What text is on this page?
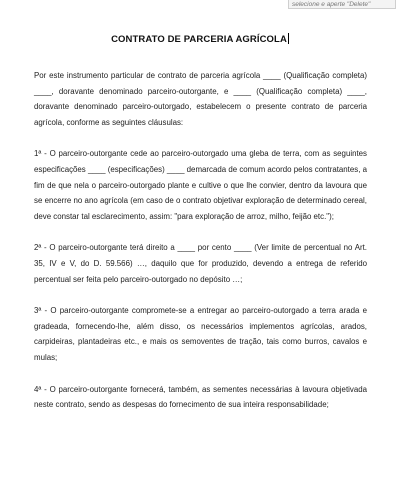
selecione e aperte "Delete"
CONTRATO DE PARCERIA AGRÍCOLA

Por este instrumento particular de contrato de parceria agrícola ____ (Qualificação completa) ____, doravante denominado parceiro-outorgante, e ____ (Qualificação completa) ____, doravante denominado parceiro-outorgado, estabelecem o presente contrato de parceria agrícola, conforme as seguintes cláusulas:

1ª - O parceiro-outorgante cede ao parceiro-outorgado uma gleba de terra, com as seguintes especificações ____ (especificações) ____ demarcada de comum acordo pelos contratantes, a fim de que nela o parceiro-outorgado plante e cultive o que lhe convier, dentro da lavoura que se encerre no ano agrícola (em caso de o contrato objetivar exploração de determinado cereal, deve constar tal esclarecimento, assim: "para exploração de arroz, milho, feijão etc.");

2ª - O parceiro-outorgante terá direito a ____ por cento ____ (Ver limite de percentual no Art. 35, IV e V, do D. 59.566) …, daquilo que for produzido, devendo a entrega de referido percentual ser feita pelo parceiro-outorgado no depósito …;

3ª - O parceiro-outorgante compromete-se a entregar ao parceiro-outorgado a terra arada e gradeada, fornecendo-lhe, além disso, os necessários implementos agrícolas, arados, carpideiras, plantadeiras etc., e mais os semoventes de tração, tais como burros, cavalos e mulas;

4ª - O parceiro-outorgante fornecerá, também, as sementes necessárias à lavoura objetivada neste contrato, sendo as despesas do fornecimento de sua inteira responsabilidade;
